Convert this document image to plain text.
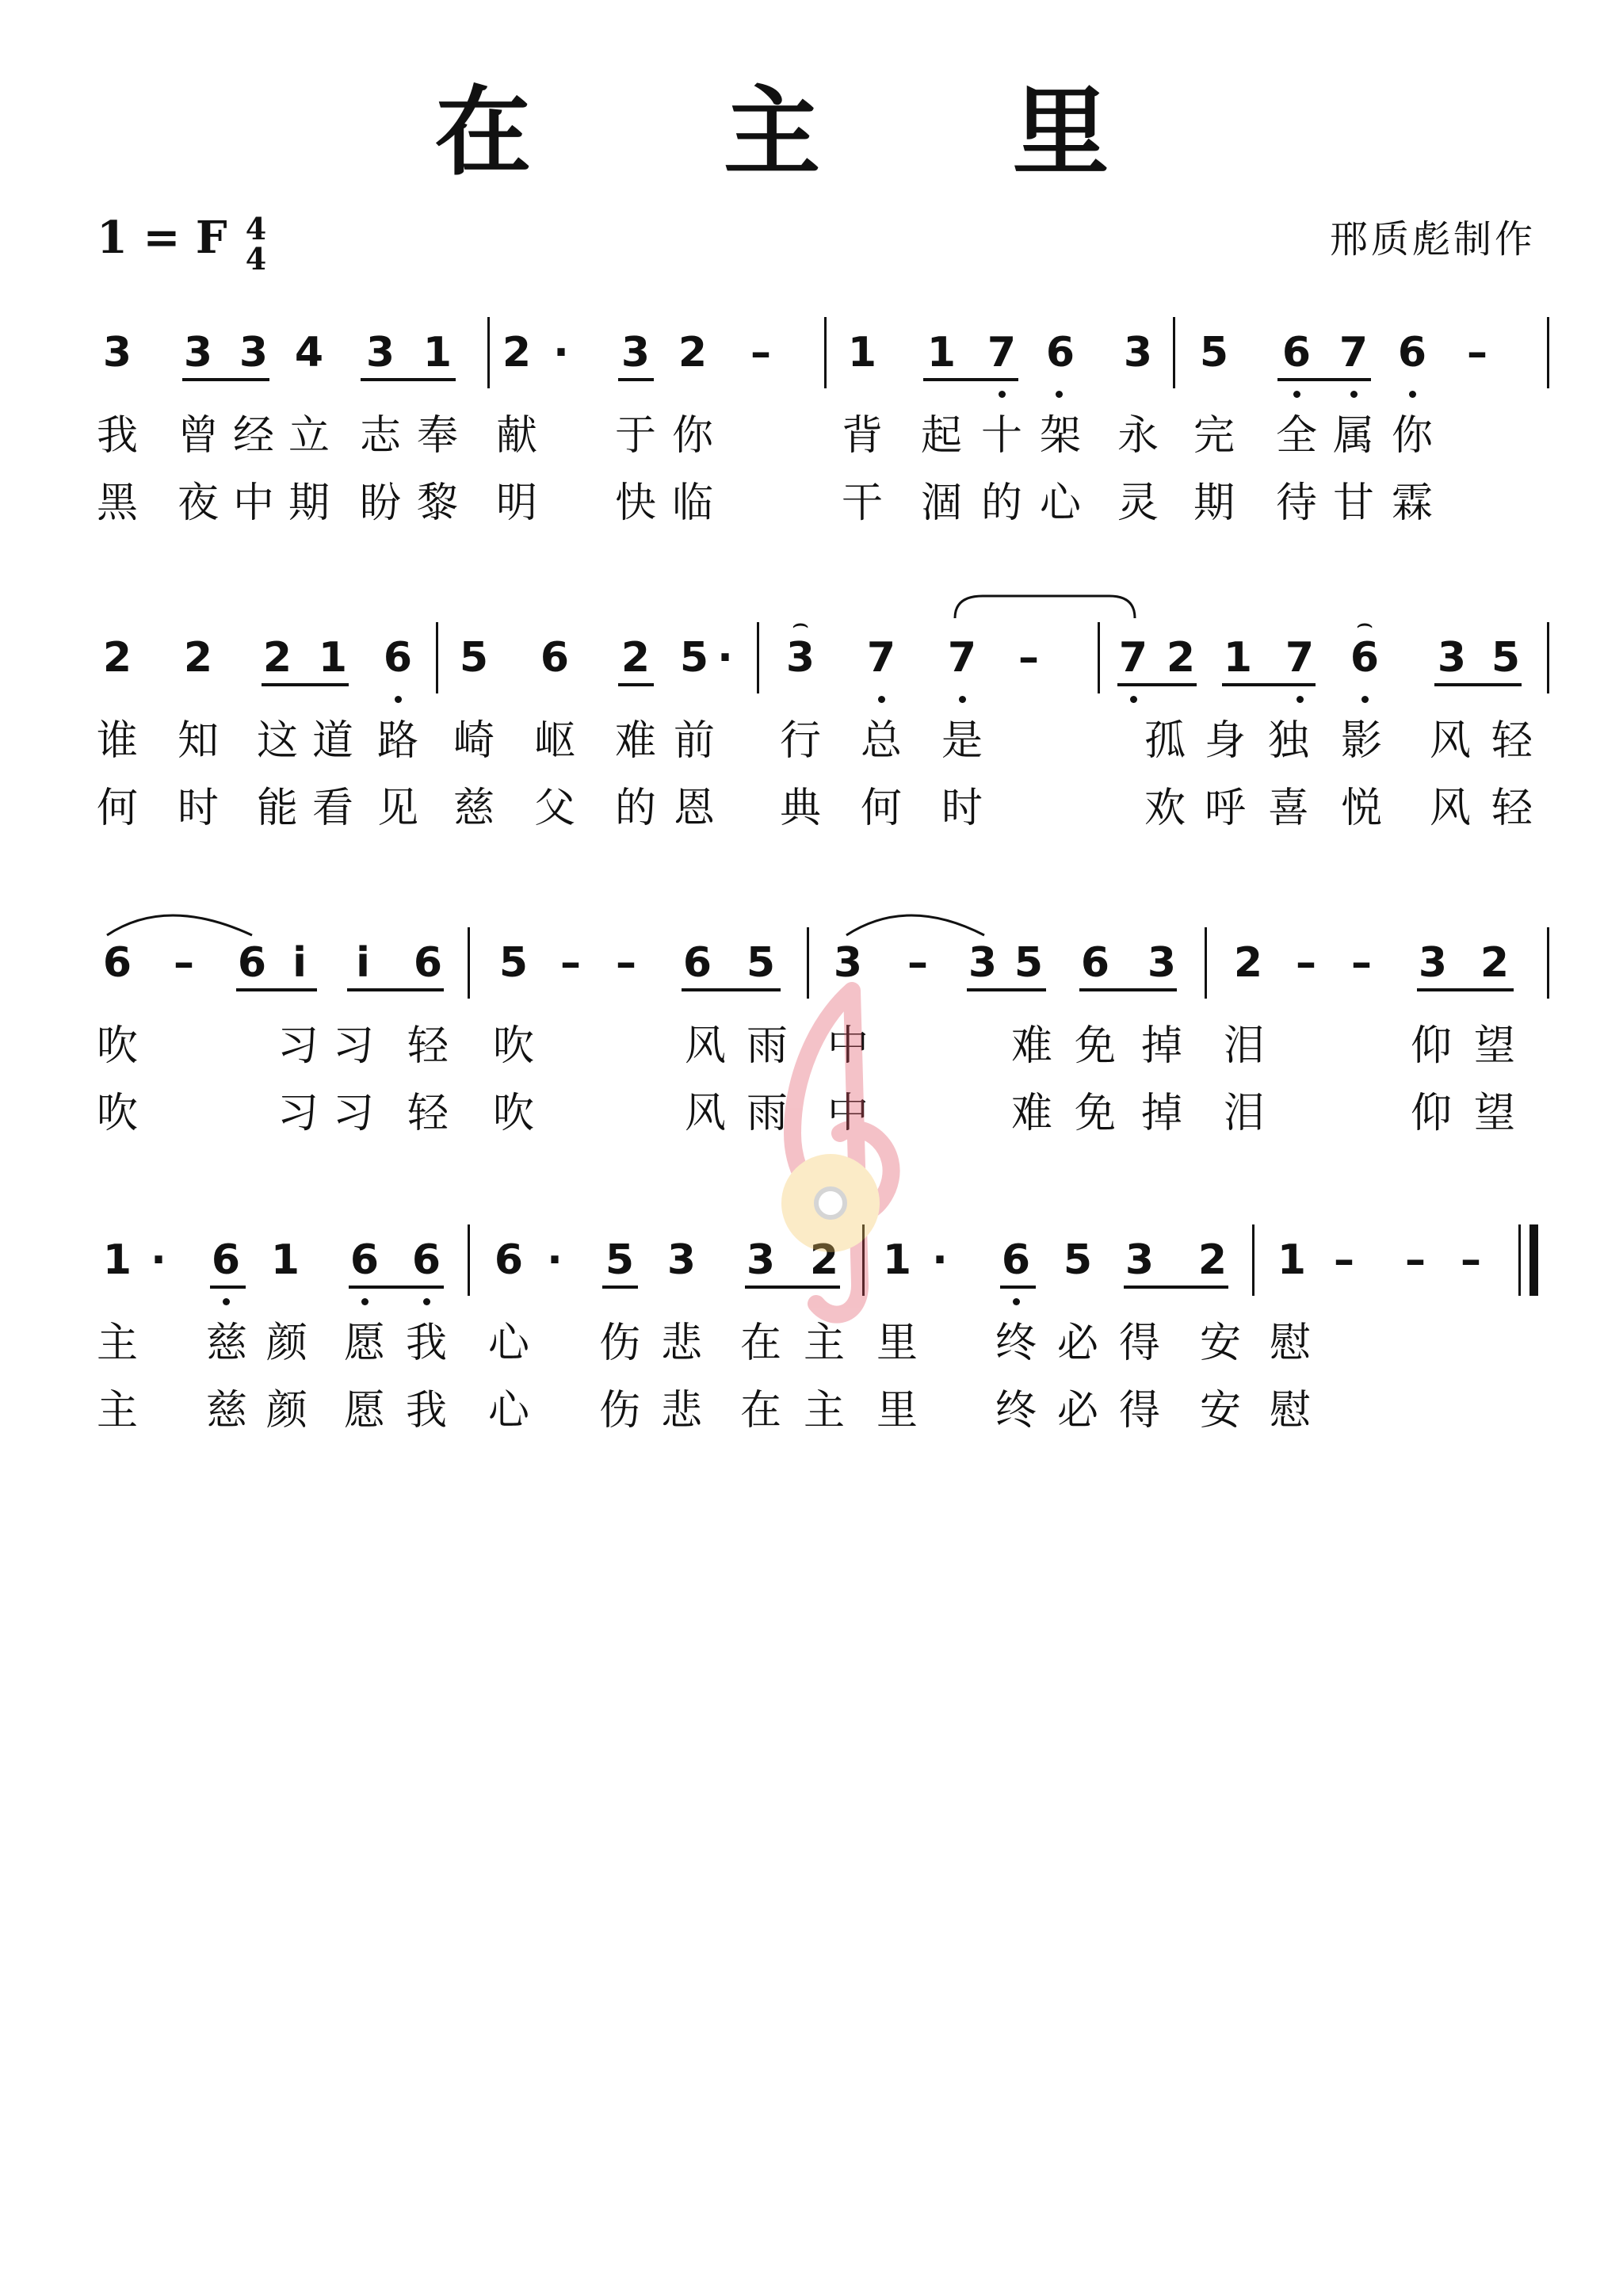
在 主 里
1 = F 4
4	邢质彪制作
3 3 3 4 3 1 2 · 3 2 – 1 1 7 6 3 5 6 7 6 –
我 曾 经 立 志 奉 献 于 你	背 起 十 架 永 完 全 属 你
黑 夜 中 期 盼 黎 明 快 临	干 涸 的 心 灵 期 待 甘 霖
2 2 2 1 6 5 6 2 5 · 3 7 7 – 7 2 1 7 6 3 5
谁 知 这 道 路 崎 岖 难 前 行 总 是	孤 身 独 影 风 轻
何 时 能 看 见 慈 父 的 恩 典 何 时	欢 呼 喜 悦 风 轻
6 – 6 i i 6 5 – – 6 5 3 – 3 5 6 3 2 – – 3 2
吹	习 习 轻 吹	风 雨 中	难 免 掉 泪	仰 望
吹	习 习 轻 吹	风 雨 中	难 免 掉 泪	仰 望
1 · 6 1 6 6 6 · 5 3 3 2 1 · 6 5 3 2 1 – – –
主 慈 颜 愿 我 心 伤 悲 在 主 里 终 必 得 安 慰
主 慈 颜 愿 我 心 伤 悲 在 主 里 终 必 得 安 慰
⌢	⌢
